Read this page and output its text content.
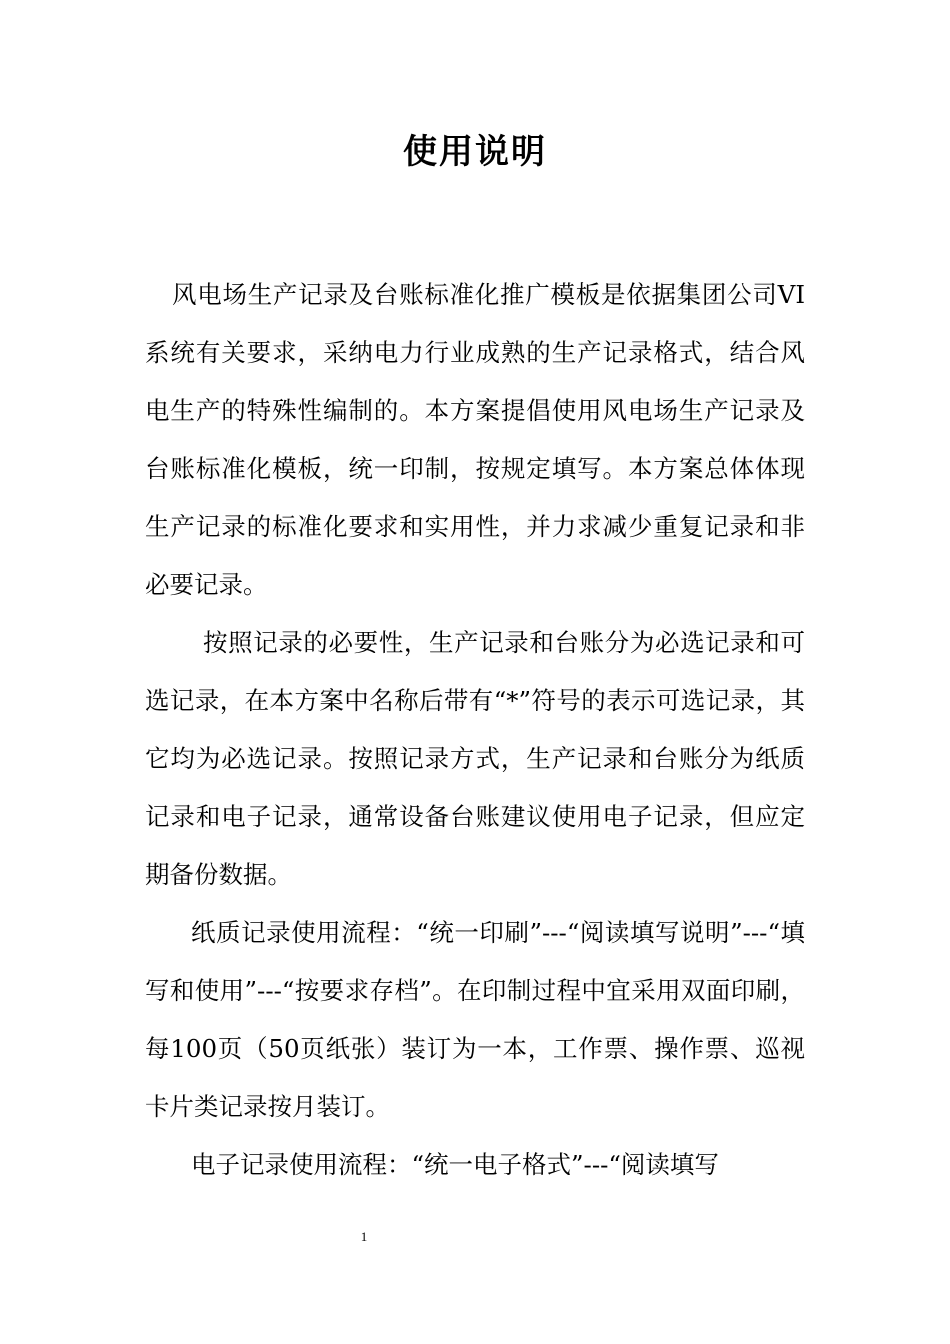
使用说明

风电场生产记录及台账标准化推广模板是依据集团公司VI系统有关要求，采纳电力行业成熟的生产记录格式，结合风电生产的特殊性编制的。本方案提倡使用风电场生产记录及台账标准化模板，统一印制，按规定填写。本方案总体体现生产记录的标准化要求和实用性，并力求减少重复记录和非必要记录。

按照记录的必要性，生产记录和台账分为必选记录和可选记录，在本方案中名称后带有“*”符号的表示可选记录，其它均为必选记录。按照记录方式，生产记录和台账分为纸质记录和电子记录，通常设备台账建议使用电子记录，但应定期备份数据。

纸质记录使用流程：“统一印刷”---“阅读填写说明”---“填写和使用”---“按要求存档”。在印制过程中宜采用双面印刷，每100页（50页纸张）装订为一本，工作票、操作票、巡视卡片类记录按月装订。

电子记录使用流程：“统一电子格式”---“阅读填写

1
